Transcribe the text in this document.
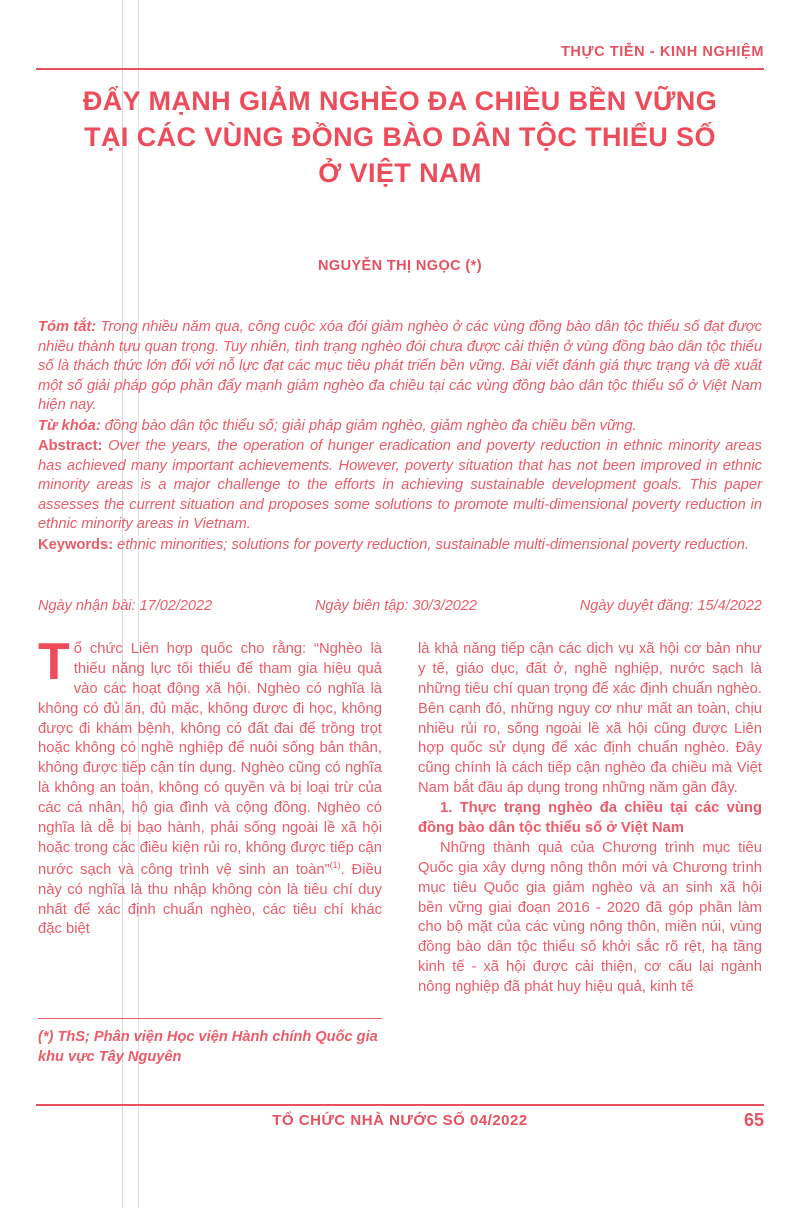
THỰC TIỄN - KINH NGHIỆM
ĐẨY MẠNH GIẢM NGHÈO ĐA CHIỀU BỀN VỮNG
TẠI CÁC VÙNG ĐỒNG BÀO DÂN TỘC THIỂU SỐ
Ở VIỆT NAM
NGUYỄN THỊ NGỌC (*)

Tóm tắt: Trong nhiều năm qua, công cuộc xóa đói giảm nghèo ở các vùng đồng bào dân tộc thiểu số đạt được nhiều thành tựu quan trọng. Tuy nhiên, tình trạng nghèo đói chưa được cải thiện ở vùng đồng bào dân tộc thiểu số là thách thức lớn đối với nỗ lực đạt các mục tiêu phát triển bền vững. Bài viết đánh giá thực trạng và đề xuất một số giải pháp góp phần đẩy mạnh giảm nghèo đa chiều tại các vùng đồng bào dân tộc thiểu số ở Việt Nam hiện nay.

Từ khóa: đồng bào dân tộc thiểu số; giải pháp giảm nghèo, giảm nghèo đa chiều bền vững.

Abstract: Over the years, the operation of hunger eradication and poverty reduction in ethnic minority areas has achieved many important achievements. However, poverty situation that has not been improved in ethnic minority areas is a major challenge to the efforts in achieving sustainable development goals. This paper assesses the current situation and proposes some solutions to promote multi-dimensional poverty reduction in ethnic minority areas in Vietnam.

Keywords: ethnic minorities; solutions for poverty reduction, sustainable multi-dimensional poverty reduction.

Ngày nhận bài: 17/02/2022	Ngày biên tập: 30/3/2022	Ngày duyệt đăng: 15/4/2022

Tổ chức Liên hợp quốc cho rằng: “Nghèo là thiếu năng lực tối thiểu để tham gia hiệu quả vào các hoạt động xã hội. Nghèo có nghĩa là không có đủ ăn, đủ mặc, không được đi học, không được đi khám bệnh, không có đất đai để trồng trọt hoặc không có nghề nghiệp để nuôi sống bản thân, không được tiếp cận tín dụng. Nghèo cũng có nghĩa là không an toàn, không có quyền và bị loại trừ của các cá nhân, hộ gia đình và cộng đồng. Nghèo có nghĩa là dễ bị bạo hành, phải sống ngoài lề xã hội hoặc trong các điều kiện rủi ro, không được tiếp cận nước sạch và công trình vệ sinh an toàn”$^{(1)}$. Điều này có nghĩa là thu nhập không còn là tiêu chí duy nhất để xác định chuẩn nghèo, các tiêu chí khác đặc biệt

là khả năng tiếp cận các dịch vụ xã hội cơ bản như y tế, giáo dục, đất ở, nghề nghiệp, nước sạch là những tiêu chí quan trọng để xác định chuẩn nghèo. Bên cạnh đó, những nguy cơ như mất an toàn, chịu nhiều rủi ro, sống ngoài lề xã hội cũng được Liên hợp quốc sử dụng để xác định chuẩn nghèo. Đây cũng chính là cách tiếp cận nghèo đa chiều mà Việt Nam bắt đầu áp dụng trong những năm gần đây.

1. Thực trạng nghèo đa chiều tại các vùng đồng bào dân tộc thiểu số ở Việt Nam

Những thành quả của Chương trình mục tiêu Quốc gia xây dựng nông thôn mới và Chương trình mục tiêu Quốc gia giảm nghèo và an sinh xã hội bền vững giai đoạn 2016 - 2020 đã góp phần làm cho bộ mặt của các vùng nông thôn, miền núi, vùng đồng bào dân tộc thiểu số khởi sắc rõ rệt, hạ tầng kinh tế - xã hội được cải thiện, cơ cấu lại ngành nông nghiệp đã phát huy hiệu quả, kinh tế

(*) ThS; Phân viện Học viện Hành chính Quốc gia khu vực Tây Nguyên
TỔ CHỨC NHÀ NƯỚC SỐ 04/2022	65
